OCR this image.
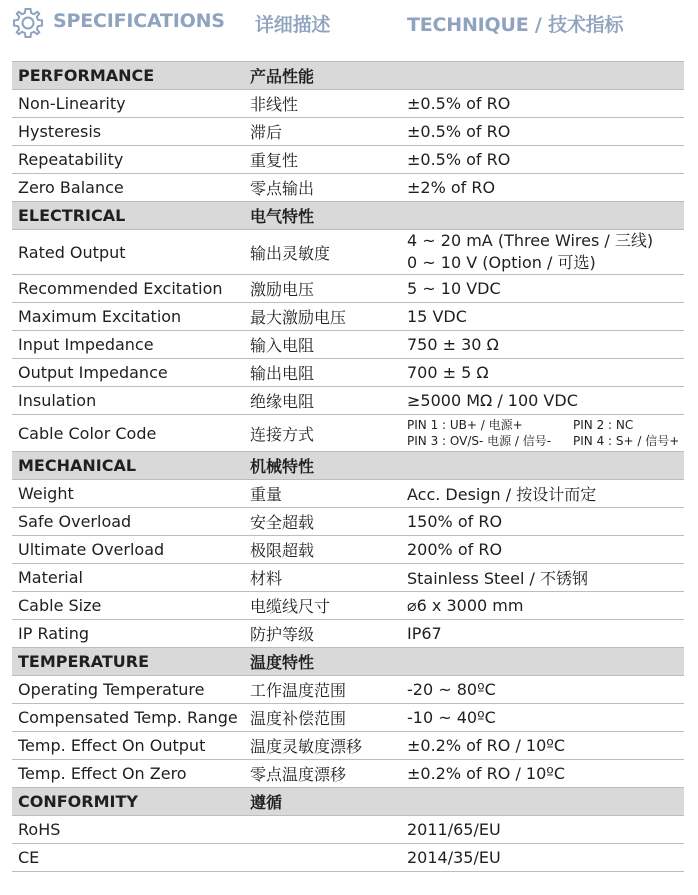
SPECIFICATIONS 详细描述	TECHNIQUE / 技术指标
PERFORMANCE	产品性能	
Non-Linearity	非线性	±0.5% of RO
Hysteresis	滞后	±0.5% of RO
Repeatability	重复性	±0.5% of RO
Zero Balance	零点输出	±2% of RO
ELECTRICAL	电气特性	
Rated Output	输出灵敏度	4 ~ 20 mA (Three Wires / 三线)
0 ~ 10 V (Option / 可选)

Recommended Excitation	激励电压	5 ~ 10 VDC
Maximum Excitation	最大激励电压	15 VDC
Input Impedance	输入电阻	750 ± 30 Ω
Output Impedance	输出电阻	700 ± 5 Ω
Insulation	绝缘电阻	≥5000 MΩ / 100 VDC
Cable Color Code	连接方式	PIN 1 : UB+ / 电源+ PIN 2 : NC
PIN 3 : OV/S- 电源 / 信号- PIN 4 : S+ / 信号+

MECHANICAL	机械特性	
Weight	重量	Acc. Design / 按设计而定
Safe Overload	安全超载	150% of RO
Ultimate Overload	极限超载	200% of RO
Material	材料	Stainless Steel / 不锈钢
Cable Size	电缆线尺寸	⌀6 x 3000 mm
IP Rating	防护等级	IP67
TEMPERATURE	温度特性	
Operating Temperature	工作温度范围	-20 ~ 80ºC
Compensated Temp. Range	温度补偿范围	-10 ~ 40ºC
Temp. Effect On Output	温度灵敏度漂移	±0.2% of RO / 10ºC
Temp. Effect On Zero	零点温度漂移	±0.2% of RO / 10ºC
CONFORMITY	遵循	
RoHS		2011/65/EU
CE		2014/35/EU
